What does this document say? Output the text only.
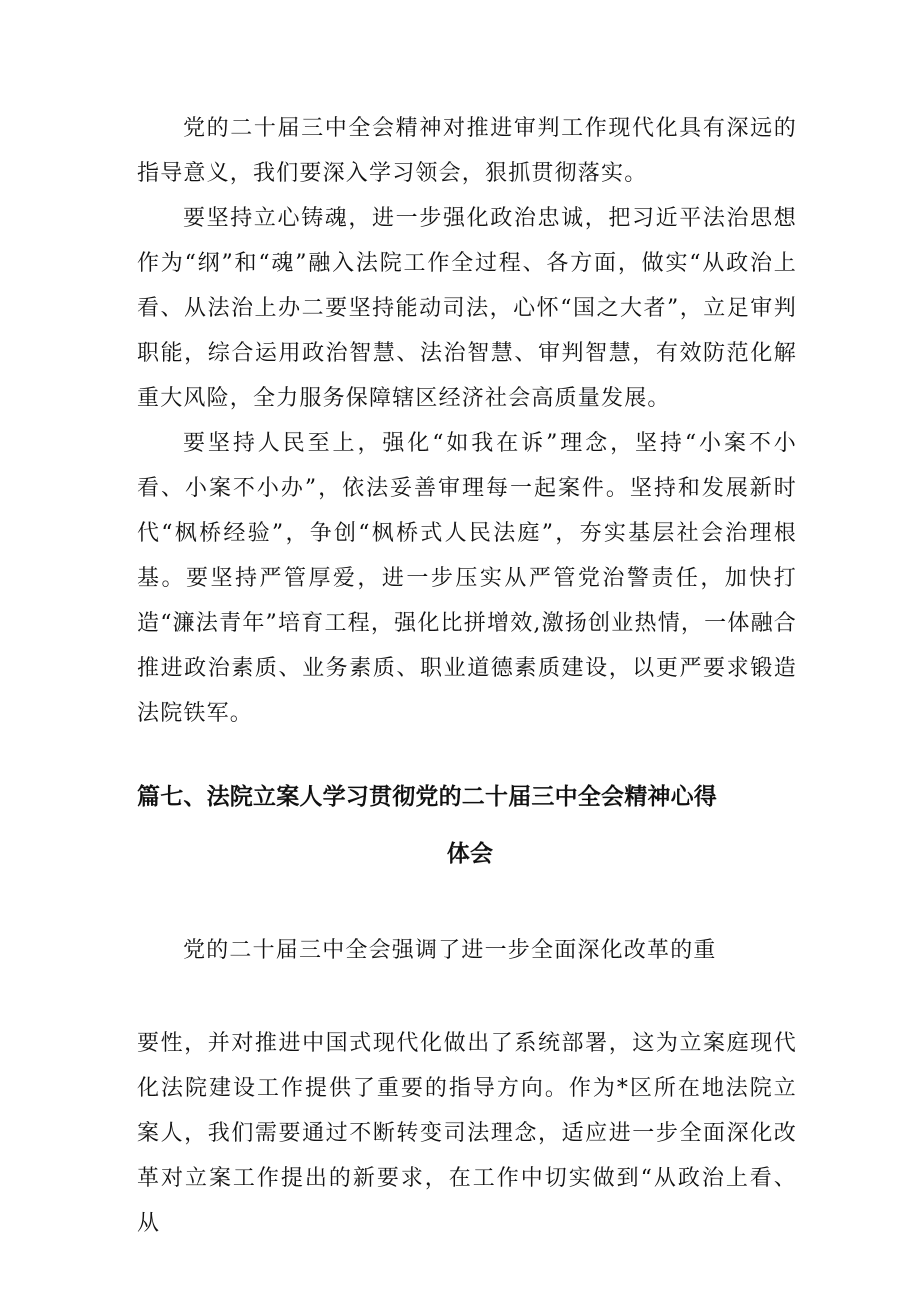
党的二十届三中全会精神对推进审判工作现代化具有深远的指导意义，我们要深入学习领会，狠抓贯彻落实。

要坚持立心铸魂，进一步强化政治忠诚，把习近平法治思想作为“纲”和“魂”融入法院工作全过程、各方面，做实“从政治上看、从法治上办二要坚持能动司法，心怀“国之大者”，立足审判职能，综合运用政治智慧、法治智慧、审判智慧，有效防范化解重大风险，全力服务保障辖区经济社会高质量发展。

要坚持人民至上，强化“如我在诉”理念，坚持“小案不小看、小案不小办”，依法妥善审理每一起案件。坚持和发展新时代“枫桥经验”，争创“枫桥式人民法庭”，夯实基层社会治理根基。要坚持严管厚爱，进一步压实从严管党治警责任，加快打造“濂法青年”培育工程，强化比拼增效,激扬创业热情，一体融合推进政治素质、业务素质、职业道德素质建设，以更严要求锻造法院铁军。

篇七、法院立案人学习贯彻党的二十届三中全会精神心得
体会

党的二十届三中全会强调了进一步全面深化改革的重

要性，并对推进中国式现代化做出了系统部署，这为立案庭现代化法院建设工作提供了重要的指导方向。作为*区所在地法院立案人，我们需要通过不断转变司法理念，适应进一步全面深化改革对立案工作提出的新要求，在工作中切实做到“从政治上看、从
